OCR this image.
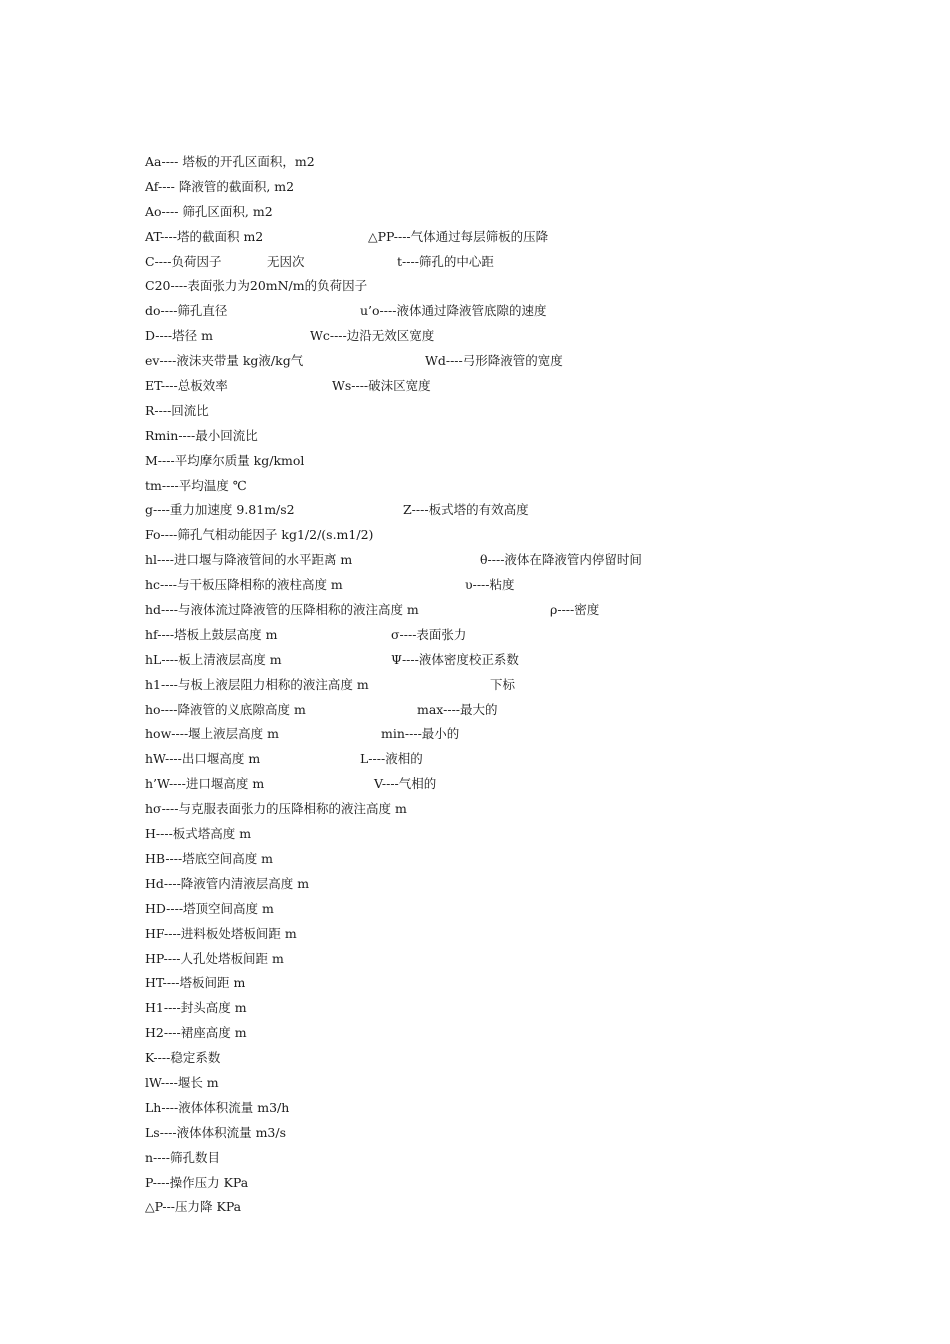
Aa---- 塔板的开孔区面积，m2
Af---- 降液管的截面积, m2
Ao---- 筛孔区面积, m2
AT----塔的截面积 m2	△PP----气体通过每层筛板的压降
C----负荷因子	无因次	t----筛孔的中心距
C20----表面张力为20mN/m的负荷因子
do----筛孔直径	u’o----液体通过降液管底隙的速度
D----塔径 m	Wc----边沿无效区宽度
ev----液沫夹带量 kg液/kg气	Wd----弓形降液管的宽度
ET----总板效率	Ws----破沫区宽度
R----回流比
Rmin----最小回流比
M----平均摩尔质量 kg/kmol
tm----平均温度 ℃
g----重力加速度 9.81m/s2	Z----板式塔的有效高度
Fo----筛孔气相动能因子 kg1/2/(s.m1/2)
hl----进口堰与降液管间的水平距离 m	θ----液体在降液管内停留时间
hc----与干板压降相称的液柱高度 m	υ----粘度
hd----与液体流过降液管的压降相称的液注高度 m	ρ----密度
hf----塔板上鼓层高度 m	σ----表面张力
hL----板上清液层高度 m	Ψ----液体密度校正系数
h1----与板上液层阻力相称的液注高度 m	下标
ho----降液管的义底隙高度 m	max----最大的
how----堰上液层高度 m	min----最小的
hW----出口堰高度 m	L----液相的
h’W----进口堰高度 m	V----气相的
hσ----与克服表面张力的压降相称的液注高度 m
H----板式塔高度 m
HB----塔底空间高度 m
Hd----降液管内清液层高度 m
HD----塔顶空间高度 m
HF----进料板处塔板间距 m
HP----人孔处塔板间距 m
HT----塔板间距 m
H1----封头高度 m
H2----裙座高度 m
K----稳定系数
lW----堰长 m
Lh----液体体积流量 m3/h
Ls----液体体积流量 m3/s
n----筛孔数目
P----操作压力 KPa
△P---压力降 KPa
